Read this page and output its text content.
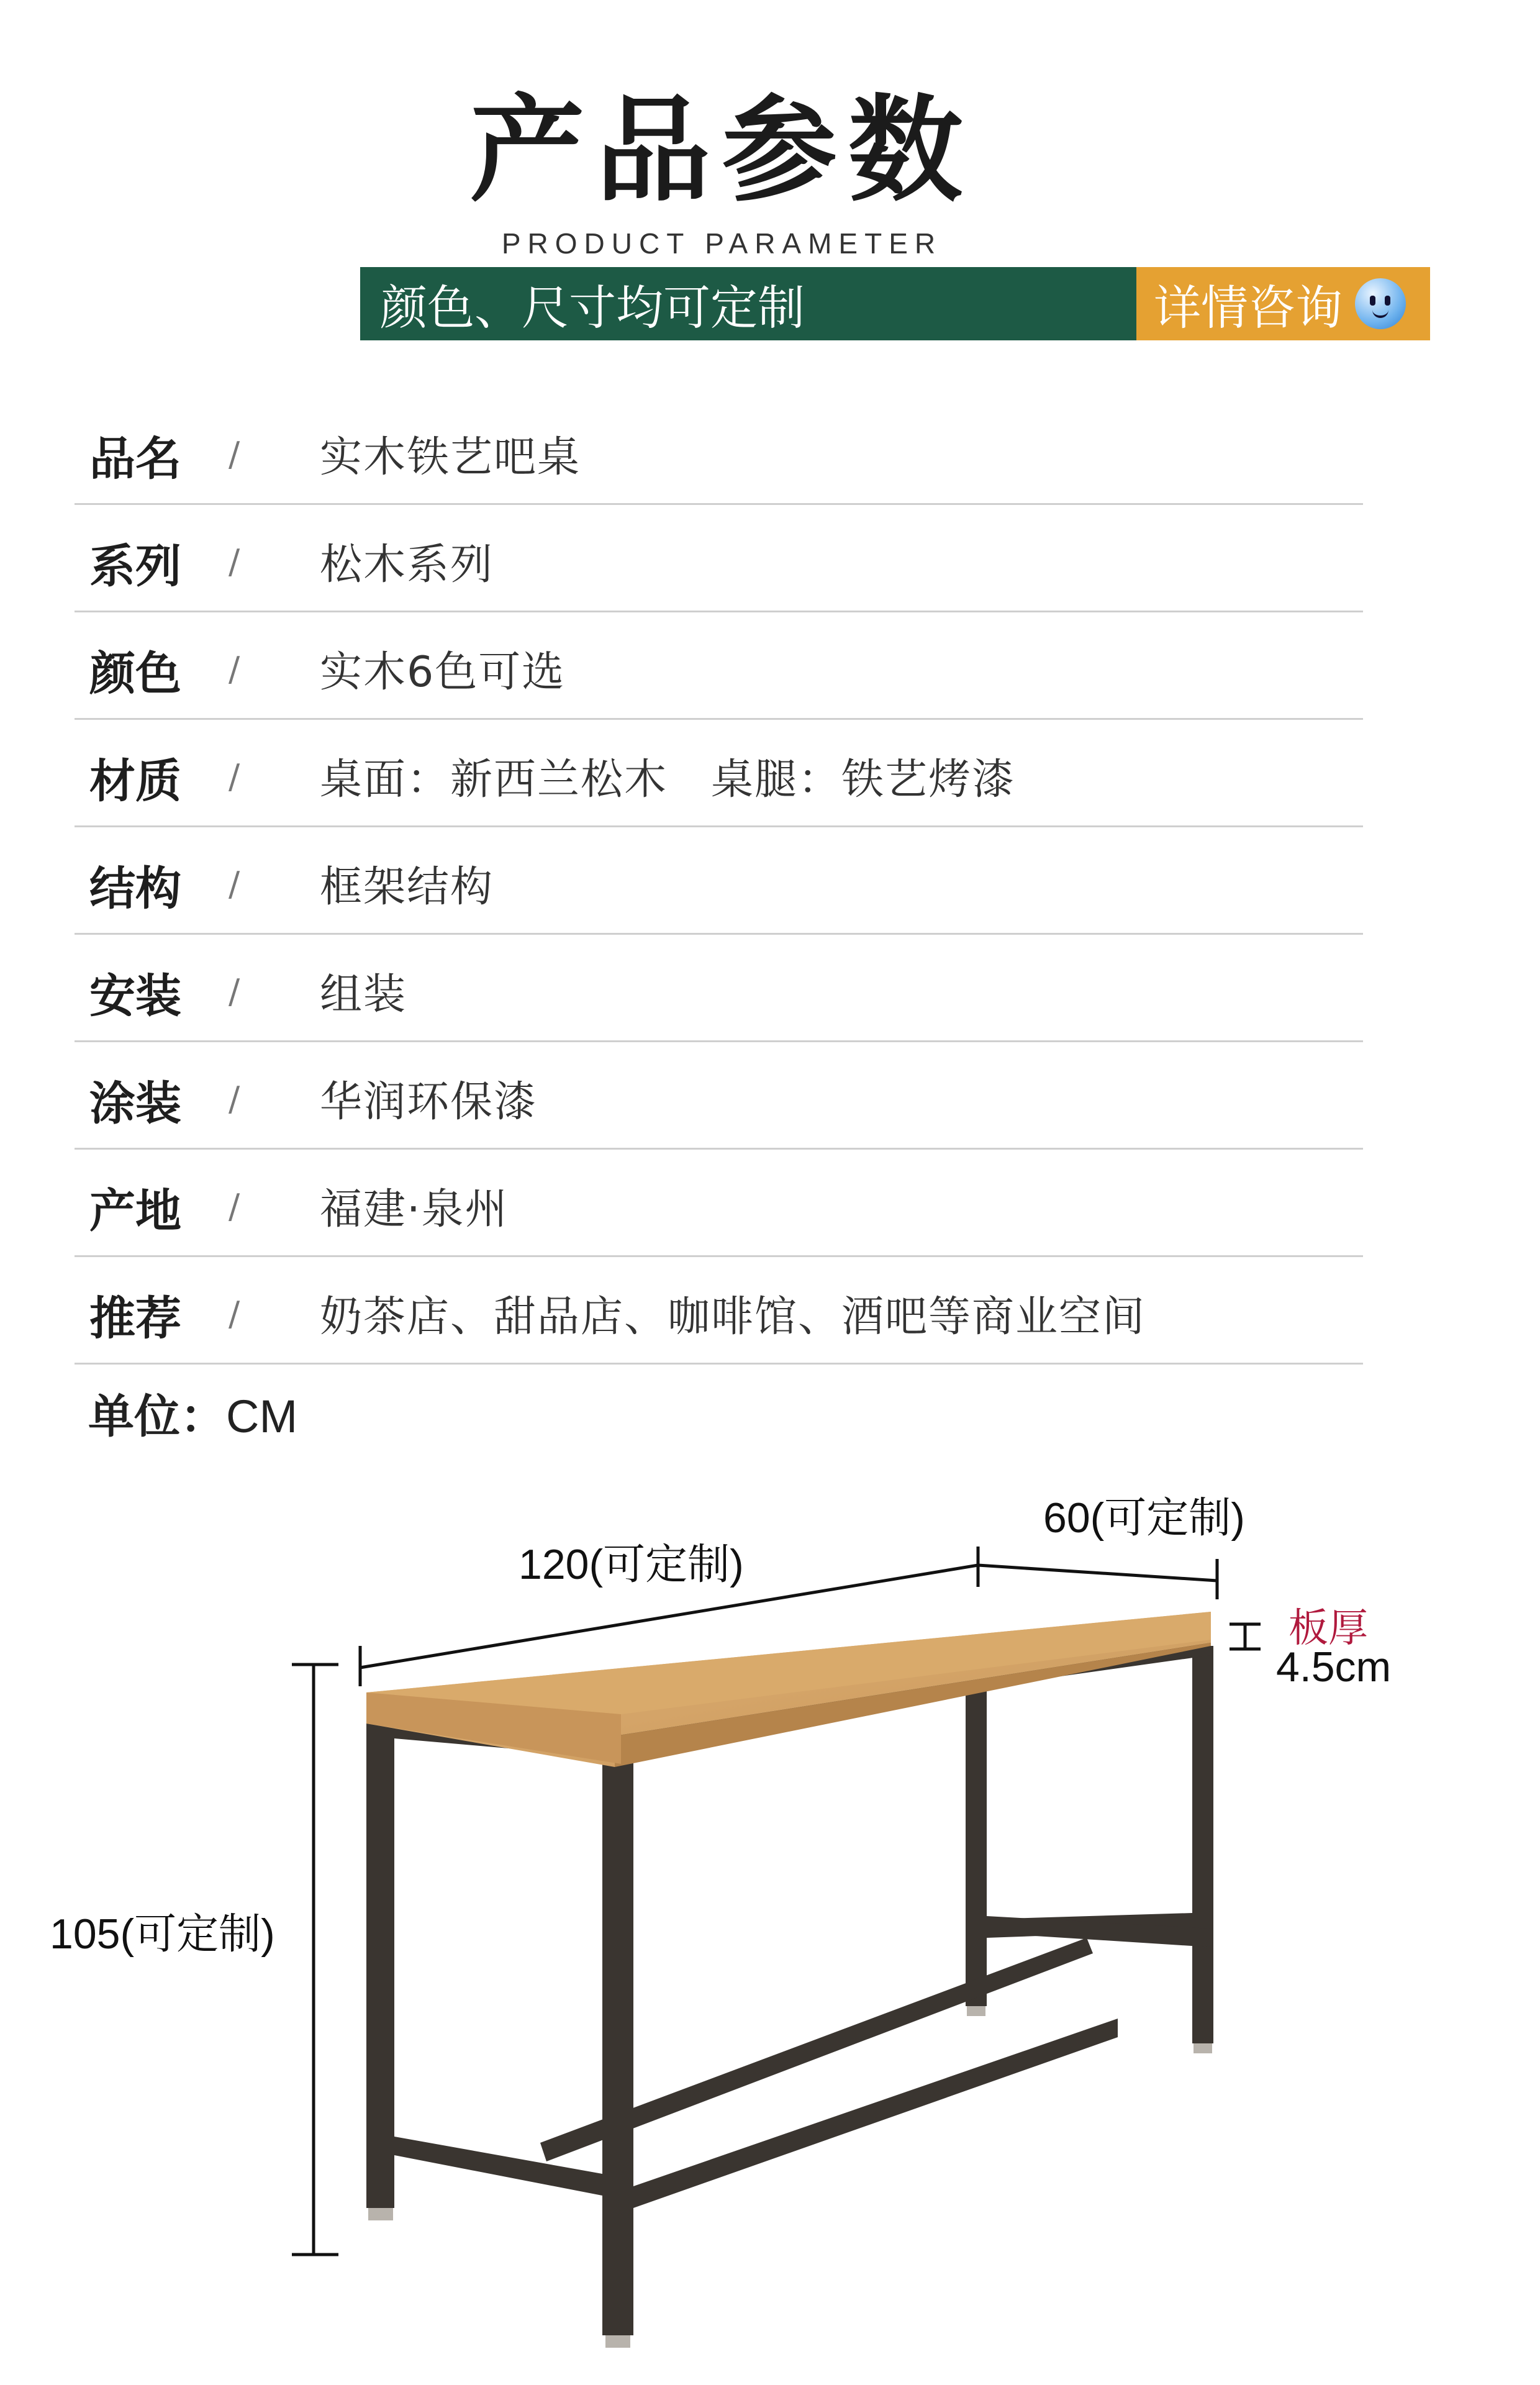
产品参数
PRODUCT PARAMETER
颜色、尺寸均可定制	详情咨询
品名 / 实木铁艺吧桌
系列 / 松木系列
颜色 / 实木6色可选
材质 / 桌面：新西兰松木　桌腿：铁艺烤漆
结构 / 框架结构
安装 / 组装
涂装 / 华润环保漆
产地 / 福建·泉州
推荐 / 奶茶店、甜品店、咖啡馆、酒吧等商业空间
单位：CM
120(可定制)
60(可定制)
105(可定制)
板厚
4.5cm
